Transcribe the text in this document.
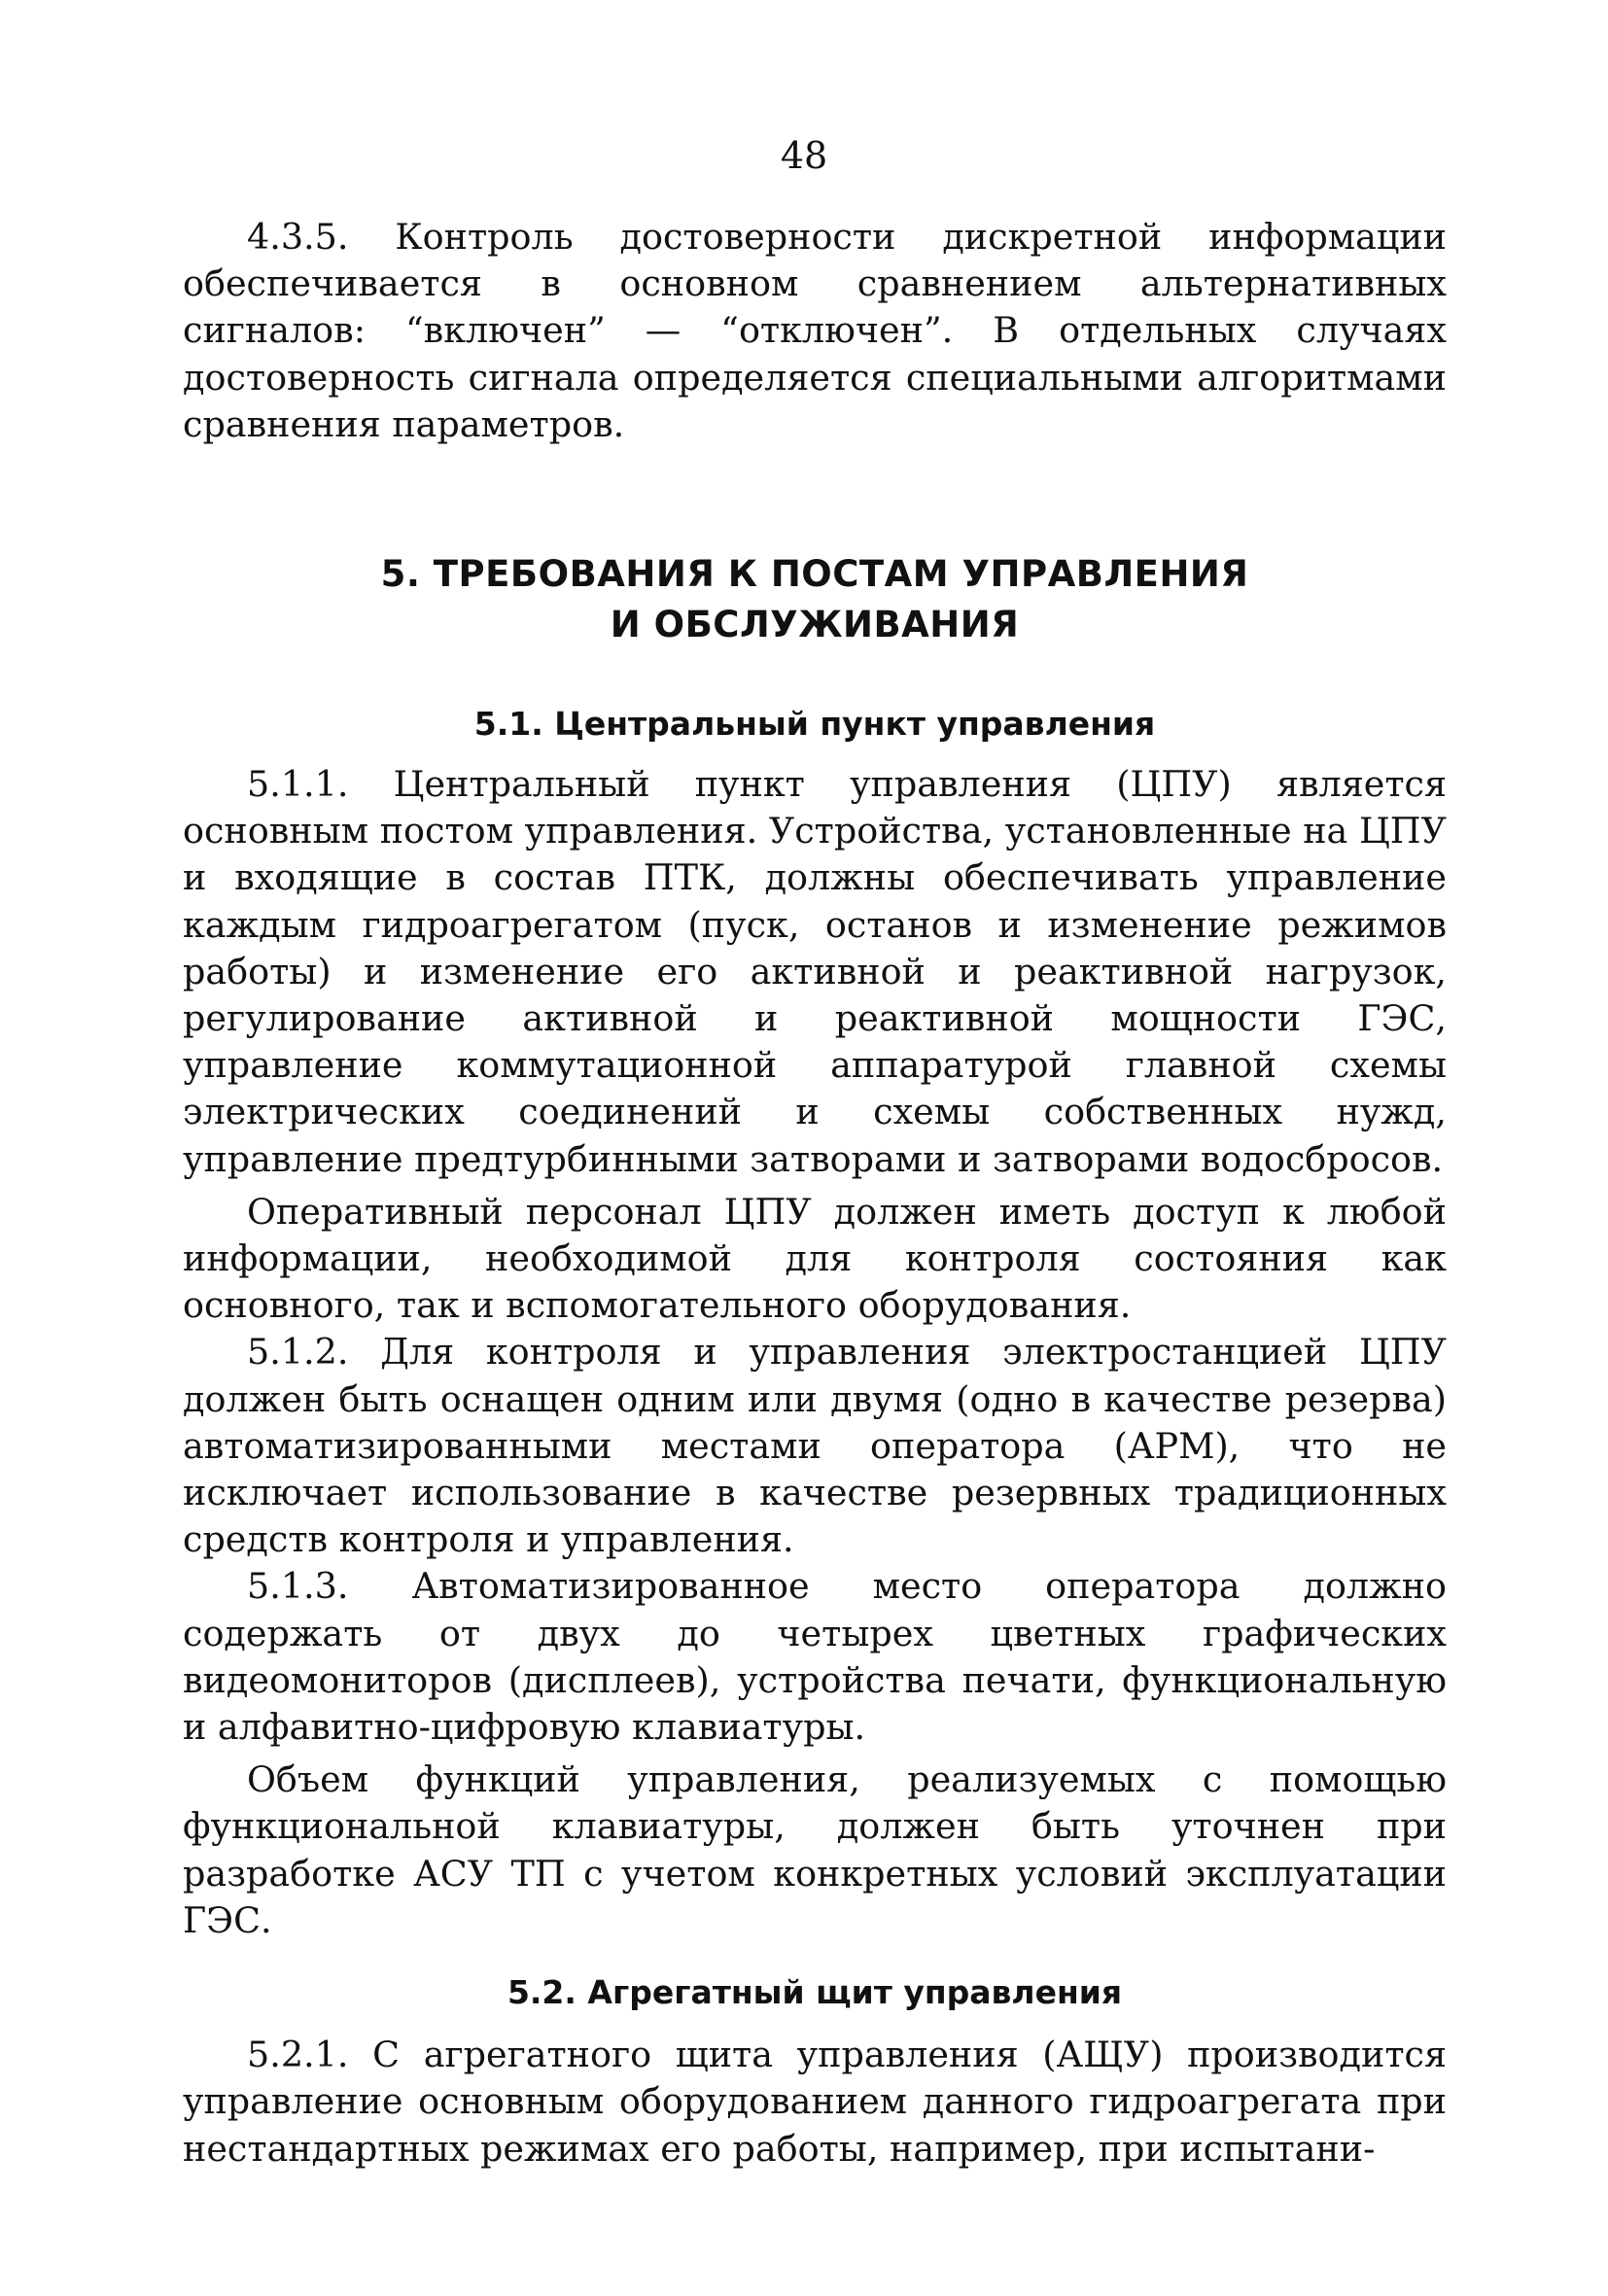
48

4.3.5. Контроль достоверности дискретной информации обеспечивается в основном сравнением альтернативных сигналов: “включен” — “отключен”. В отдельных случаях достоверность сигнала определяется специальными алгоритмами сравнения параметров.

5. ТРЕБОВАНИЯ К ПОСТАМ УПРАВЛЕНИЯ
И ОБСЛУЖИВАНИЯ
5.1. Центральный пункт управления

5.1.1. Центральный пункт управления (ЦПУ) является основным постом управления. Устройства, установленные на ЦПУ и входящие в состав ПТК, должны обеспечивать управление каждым гидроагрегатом (пуск, останов и изменение режимов работы) и изменение его активной и реактивной нагрузок, регулирование активной и реактивной мощности ГЭС, управление коммутационной аппаратурой главной схемы электрических соединений и схемы собственных нужд, управление предтурбинными затворами и затворами водосбросов.

Оперативный персонал ЦПУ должен иметь доступ к любой информации, необходимой для контроля состояния как основного, так и вспомогательного оборудования.

5.1.2. Для контроля и управления электростанцией ЦПУ должен быть оснащен одним или двумя (одно в качестве резерва) автоматизированными местами оператора (АРМ), что не исключает использование в качестве резервных традиционных средств контроля и управления.

5.1.3. Автоматизированное место оператора должно содержать от двух до четырех цветных графических видеомониторов (дисплеев), устройства печати, функциональную и алфавитно-цифровую клавиатуры.

Объем функций управления, реализуемых с помощью функциональной клавиатуры, должен быть уточнен при разработке АСУ ТП с учетом конкретных условий эксплуатации ГЭС.

5.2. Агрегатный щит управления

5.2.1. С агрегатного щита управления (АЩУ) производится управление основным оборудованием данного гидроагрегата при нестандартных режимах его работы, например, при испытани-
